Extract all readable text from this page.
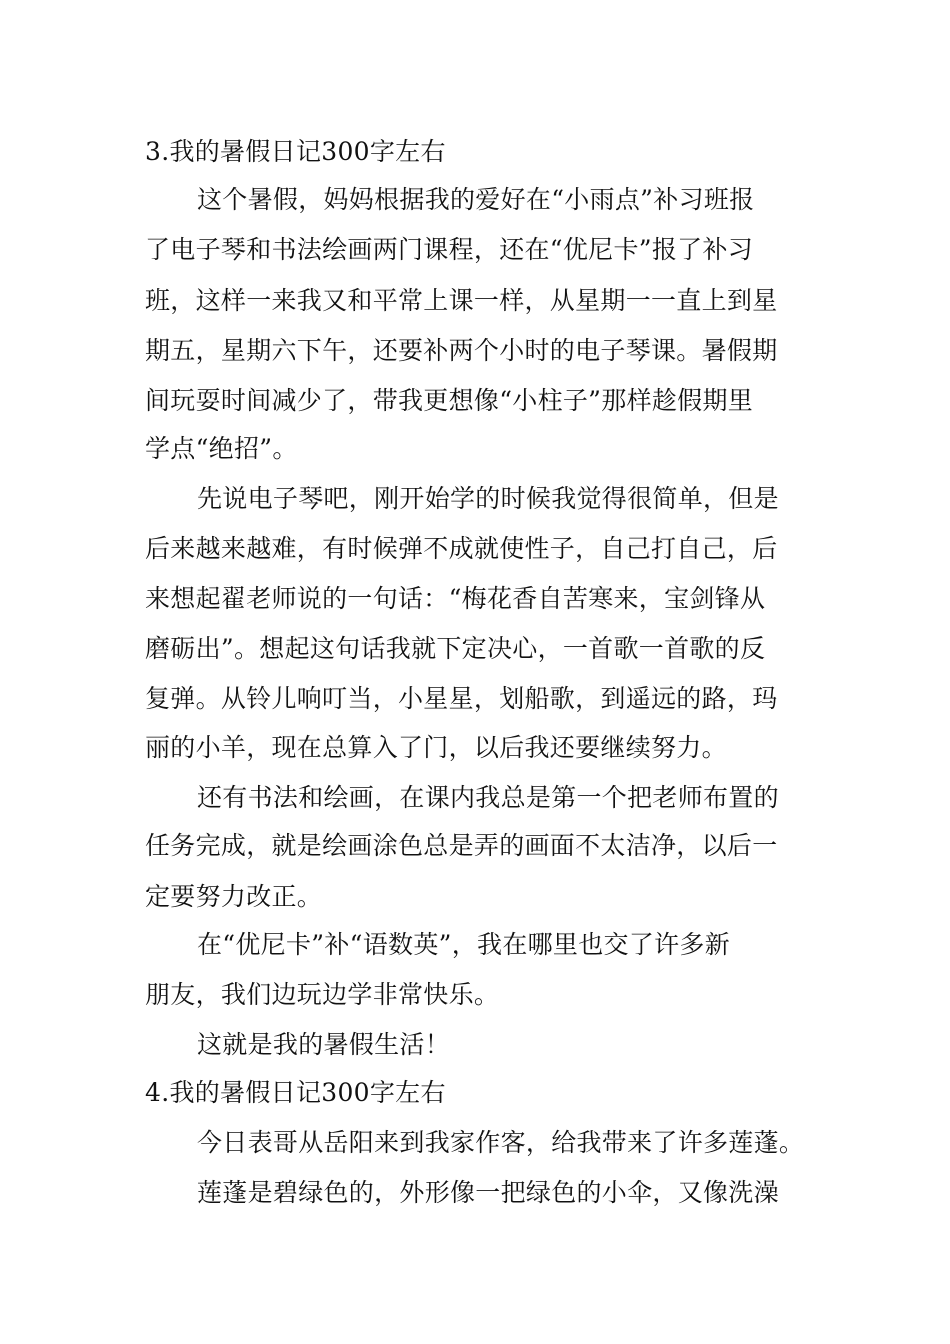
3.我的暑假日记300字左右
这个暑假，妈妈根据我的爱好在“小雨点”补习班报
了电子琴和书法绘画两门课程，还在“优尼卡”报了补习
班，这样一来我又和平常上课一样，从星期一一直上到星
期五，星期六下午，还要补两个小时的电子琴课。暑假期
间玩耍时间减少了，带我更想像“小柱子”那样趁假期里
学点“绝招”。
先说电子琴吧，刚开始学的时候我觉得很简单，但是
后来越来越难，有时候弹不成就使性子，自己打自己，后
来想起翟老师说的一句话：“梅花香自苦寒来，宝剑锋从
磨砺出”。想起这句话我就下定决心，一首歌一首歌的反
复弹。从铃儿响叮当，小星星，划船歌，到遥远的路，玛
丽的小羊，现在总算入了门，以后我还要继续努力。
还有书法和绘画，在课内我总是第一个把老师布置的
任务完成，就是绘画涂色总是弄的画面不太洁净，以后一
定要努力改正。
在“优尼卡”补“语数英”，我在哪里也交了许多新
朋友，我们边玩边学非常快乐。
这就是我的暑假生活！
4.我的暑假日记300字左右
今日表哥从岳阳来到我家作客，给我带来了许多莲蓬。
莲蓬是碧绿色的，外形像一把绿色的小伞，又像洗澡
